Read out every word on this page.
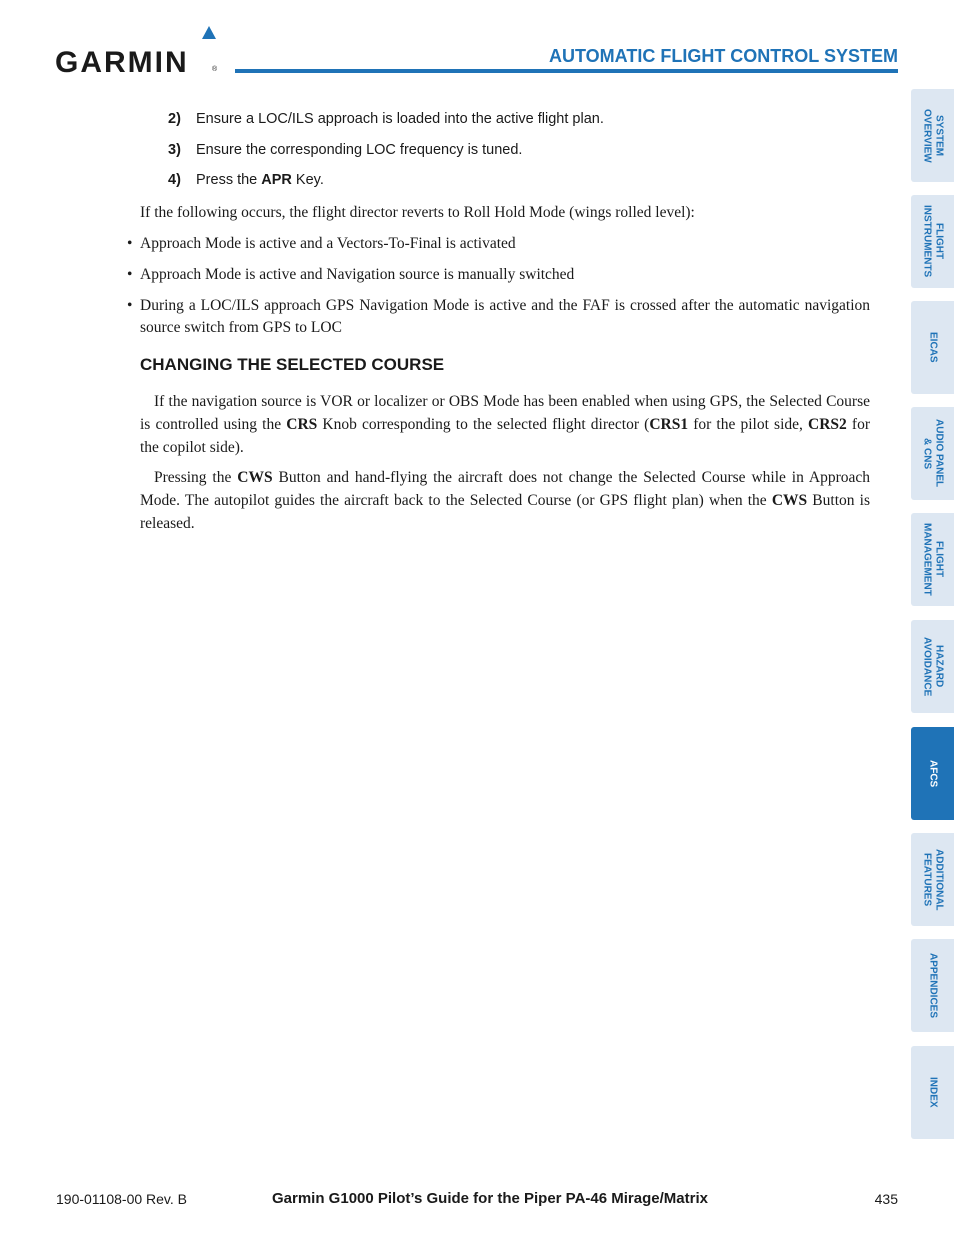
GARMIN	®
AUTOMATIC FLIGHT CONTROL SYSTEM
2) Ensure a LOC/ILS approach is loaded into the active flight plan.
3) Ensure the corresponding LOC frequency is tuned.
4) Press the APR Key.
If the following occurs, the flight director reverts to Roll Hold Mode (wings rolled level):
• Approach Mode is active and a Vectors-To-Final is activated
• Approach Mode is active and Navigation source is manually switched
• During a LOC/ILS approach GPS Navigation Mode is active and the FAF is crossed after the automatic navigation source switch from GPS to LOC
CHANGING THE SELECTED COURSE
If the navigation source is VOR or localizer or OBS Mode has been enabled when using GPS, the Selected Course is controlled using the CRS Knob corresponding to the selected flight director (CRS1 for the pilot side, CRS2 for the copilot side).
Pressing the CWS Button and hand-flying the aircraft does not change the Selected Course while in Approach Mode. The autopilot guides the aircraft back to the Selected Course (or GPS flight plan) when the CWS Button is released.
SYSTEM
OVERVIEW
FLIGHT
INSTRUMENTS
EICAS
AUDIO PANEL
& CNS
FLIGHT
MANAGEMENT
HAZARD
AVOIDANCE
AFCS
ADDITIONAL
FEATURES
APPENDICES
INDEX
190-01108-00 Rev. B	Garmin G1000 Pilot’s Guide for the Piper PA-46 Mirage/Matrix	435
